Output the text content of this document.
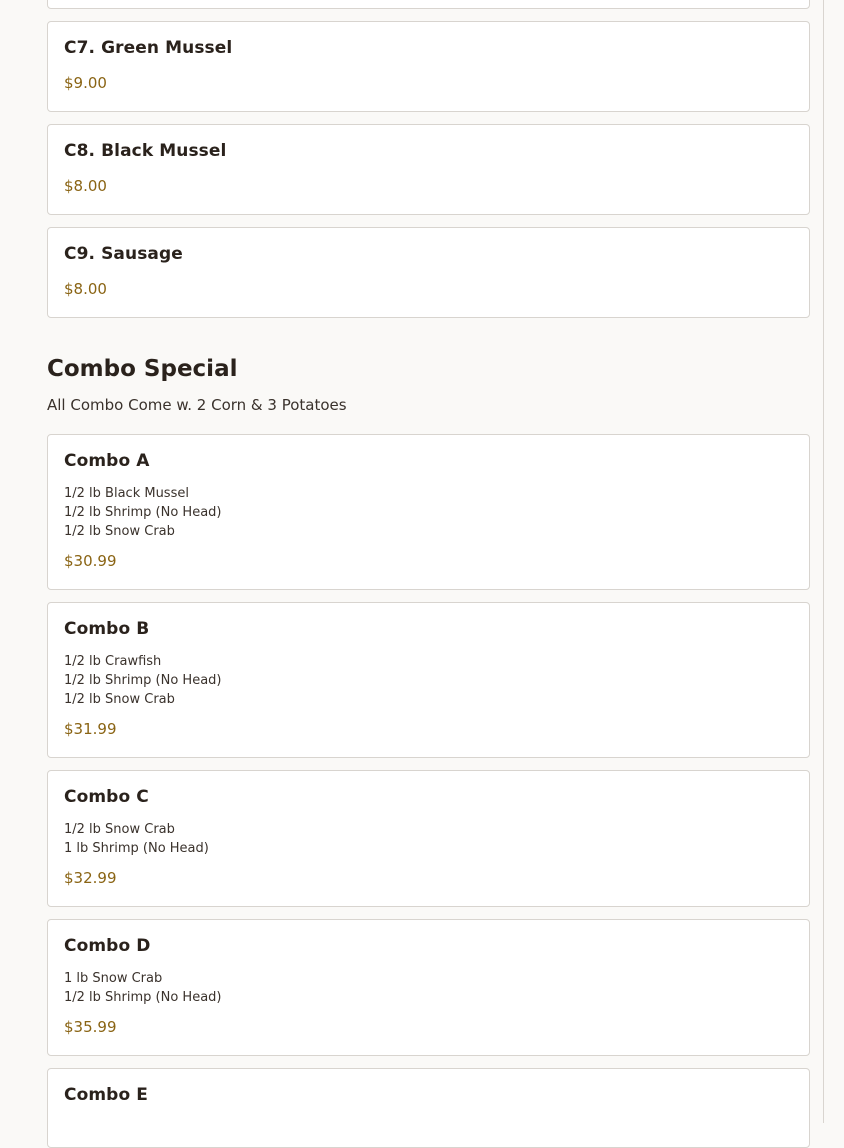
C7. Green Mussel
$9.00
C8. Black Mussel
$8.00
C9. Sausage
$8.00
Combo Special
All Combo Come w. 2 Corn & 3 Potatoes
Combo A
1/2 lb Black Mussel
1/2 lb Shrimp (No Head)
1/2 lb Snow Crab
$30.99
Combo B
1/2 lb Crawfish
1/2 lb Shrimp (No Head)
1/2 lb Snow Crab
$31.99
Combo C
1/2 lb Snow Crab
1 lb Shrimp (No Head)
$32.99
Combo D
1 lb Snow Crab
1/2 lb Shrimp (No Head)
$35.99
Combo E
